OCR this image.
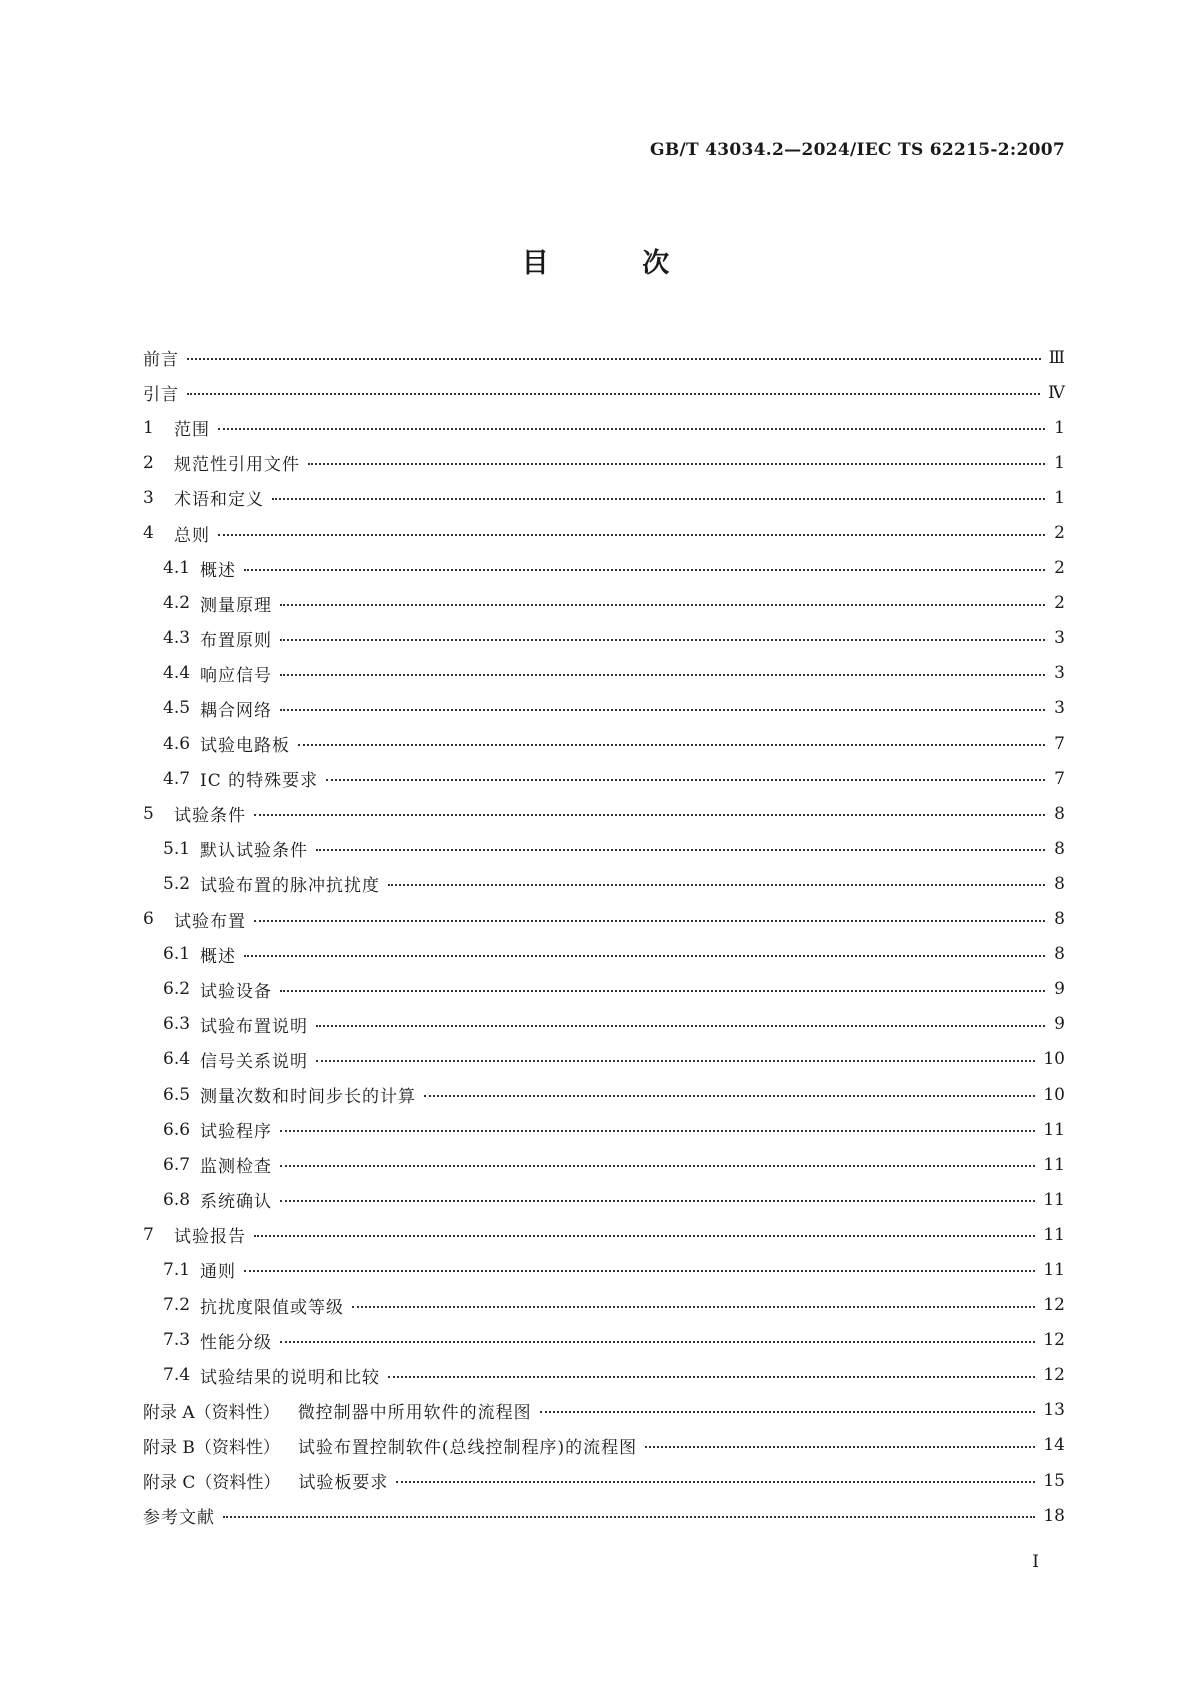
GB/T 43034.2—2024/IEC TS 62215-2:2007
目 次
前言	Ⅲ
引言	Ⅳ
1	范围	1
2	规范性引用文件	1
3	术语和定义	1
4	总则	2
4.1 概述	2
4.2 测量原理	2
4.3 布置原则	3
4.4 响应信号	3
4.5 耦合网络	3
4.6 试验电路板	7
4.7 IC 的特殊要求	7
5	试验条件	8
5.1 默认试验条件	8
5.2 试验布置的脉冲抗扰度	8
6	试验布置	8
6.1 概述	8
6.2 试验设备	9
6.3 试验布置说明	9
6.4 信号关系说明	10
6.5 测量次数和时间步长的计算	10
6.6 试验程序	11
6.7 监测检查	11
6.8 系统确认	11
7	试验报告	11
7.1 通则	11
7.2 抗扰度限值或等级	12
7.3 性能分级	12
7.4 试验结果的说明和比较	12
附录 A（资料性） 微控制器中所用软件的流程图	13
附录 B（资料性） 试验布置控制软件(总线控制程序)的流程图	14
附录 C（资料性） 试验板要求	15
参考文献	18
I
